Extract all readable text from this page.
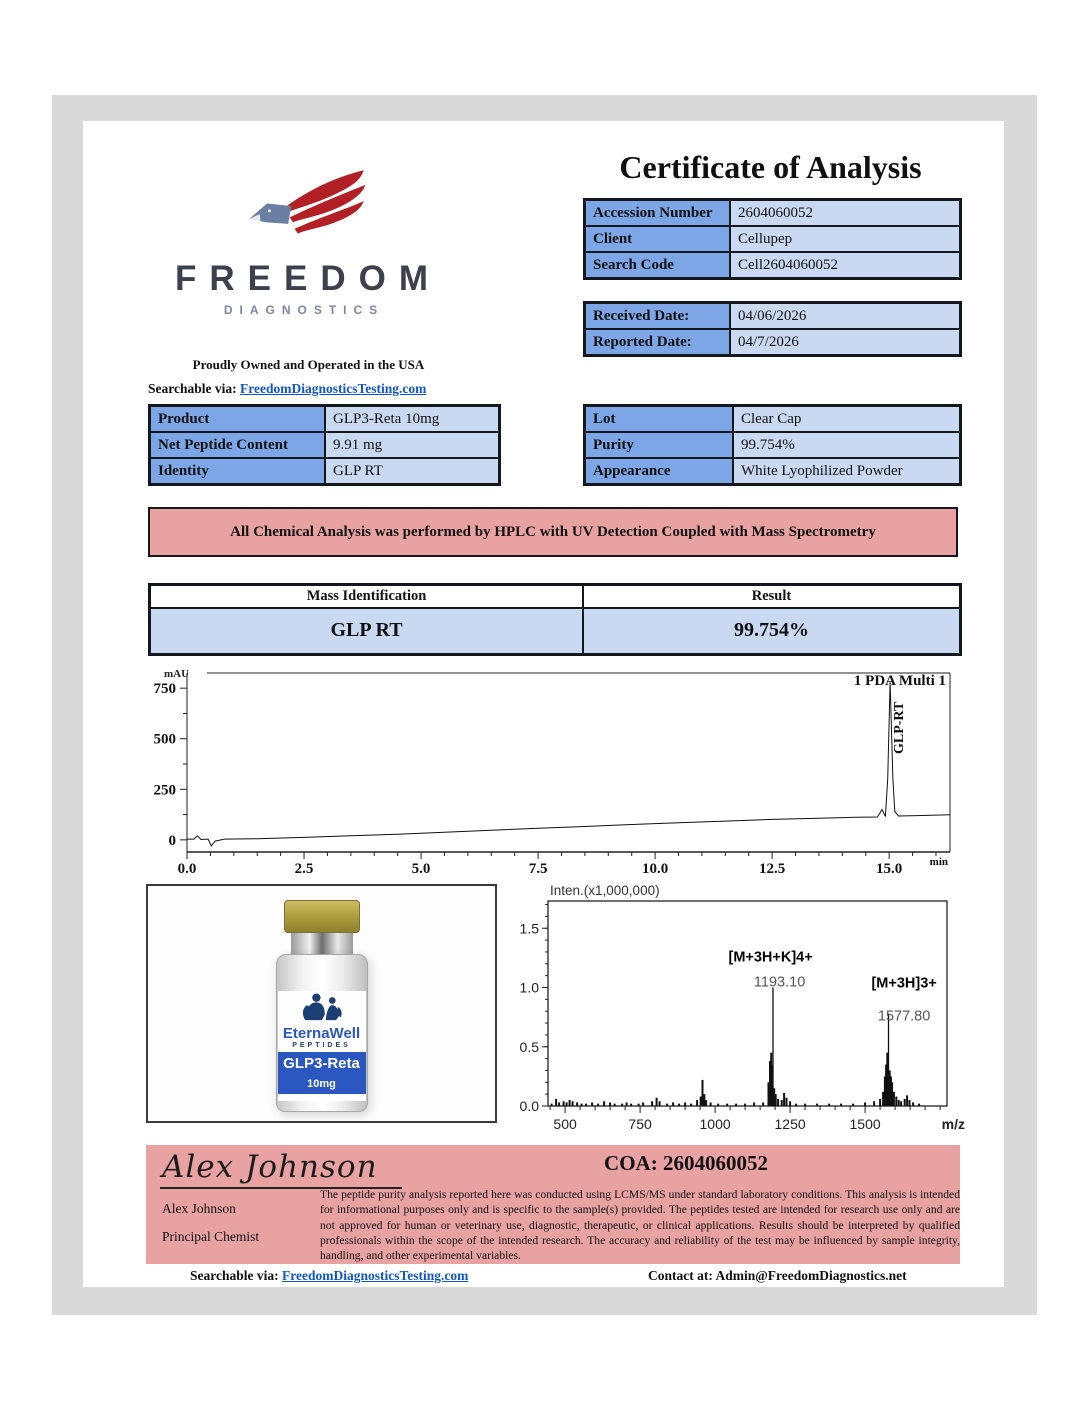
FREEDOM
DIAGNOSTICS
Proudly Owned and Operated in the USA
Searchable via: FreedomDiagnosticsTesting.com
Certificate of Analysis
Accession Number	2604060052
Client	Cellupep
Search Code	Cell2604060052
Received Date:	04/06/2026
Reported Date:	04/7/2026
Product	GLP3-Reta 10mg
Net Peptide Content	9.91 mg
Identity	GLP RT
Lot	Clear Cap
Purity	99.754%
Appearance	White Lyophilized Powder
All Chemical Analysis was performed by HPLC with UV Detection Coupled with Mass Spectrometry
Mass Identification	Result
GLP RT	99.754%
0
250
500
750
0.0	2.5	5.0	7.5	10.0	12.5	15.0
mAU
min
1 PDA Multi 1
GLP-RT
EternaWell
PEPTIDES
GLP3-Reta
10mg
0.0
0.5
1.0
1.5
500	750	1000	1250	1500	m/z
Inten.(x1,000,000)
[M+3H+K]4+
1193.10	[M+3H]3+
1577.80
Alex Johnson
Alex Johnson
Principal Chemist
COA: 2604060052
The peptide purity analysis reported here was conducted using LCMS/MS under standard laboratory conditions. This analysis is intended for informational purposes only and is specific to the sample(s) provided. The peptides tested are intended for research use only and are not approved for human or veterinary use, diagnostic, therapeutic, or clinical applications. Results should be interpreted by qualified professionals within the scope of the intended research. The accuracy and reliability of the test may be influenced by sample integrity, handling, and other experimental variables.
Searchable via: FreedomDiagnosticsTesting.com	Contact at: Admin@FreedomDiagnostics.net
